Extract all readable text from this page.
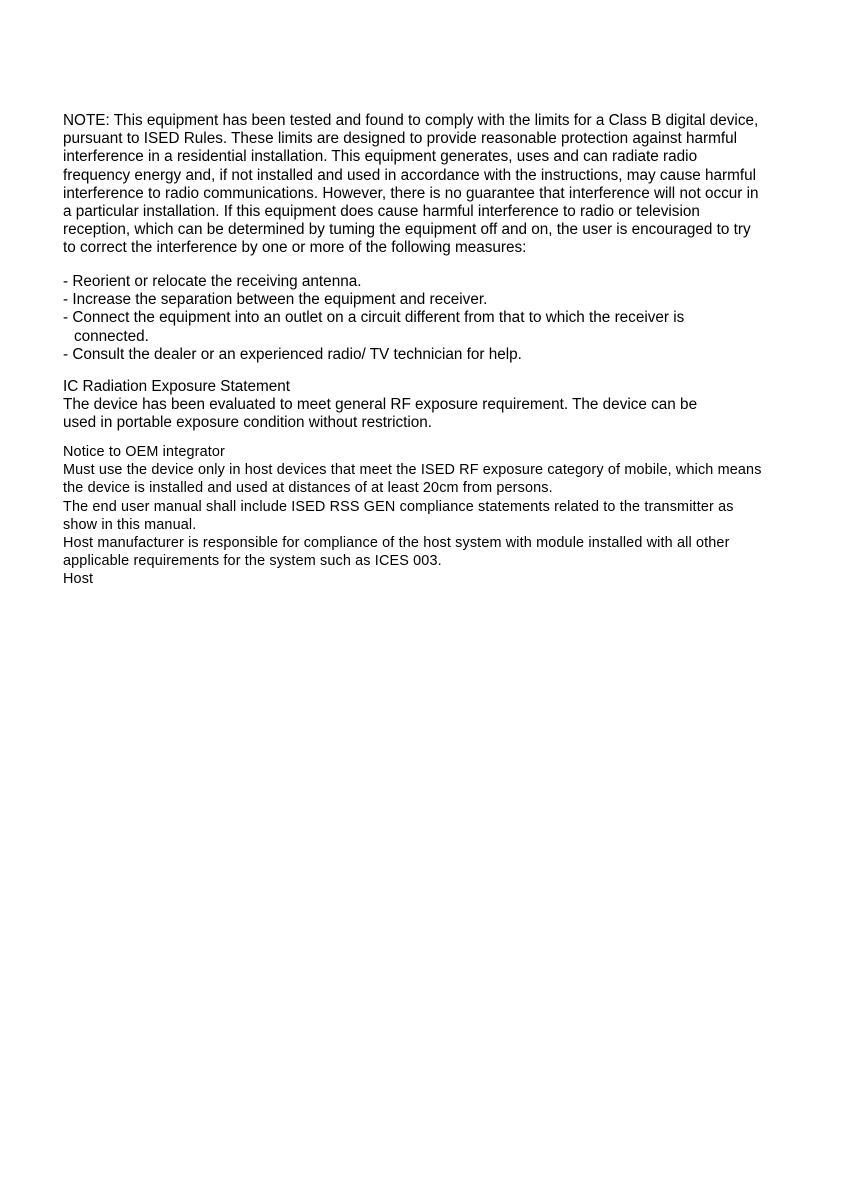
NOTE: This equipment has been tested and found to comply with the limits for a Class B digital device,
pursuant to ISED Rules. These limits are designed to provide reasonable protection against harmful
interference in a residential installation. This equipment generates, uses and can radiate radio
frequency energy and, if not installed and used in accordance with the instructions, may cause harmful
interference to radio communications. However, there is no guarantee that interference will not occur in
a particular installation. If this equipment does cause harmful interference to radio or television
reception, which can be determined by tuming the equipment off and on, the user is encouraged to try
to correct the interference by one or more of the following measures:
- Reorient or relocate the receiving antenna.
- Increase the separation between the equipment and receiver.
- Connect the equipment into an outlet on a circuit different from that to which the receiver is
connected.
- Consult the dealer or an experienced radio/ TV technician for help.
IC Radiation Exposure Statement
The device has been evaluated to meet general RF exposure requirement. The device can be
used in portable exposure condition without restriction.
Notice to OEM integrator
Must use the device only in host devices that meet the ISED RF exposure category of mobile, which means
the device is installed and used at distances of at least 20cm from persons.
The end user manual shall include ISED RSS GEN compliance statements related to the transmitter as
show in this manual.
Host manufacturer is responsible for compliance of the host system with module installed with all other
applicable requirements for the system such as ICES 003.
Host
